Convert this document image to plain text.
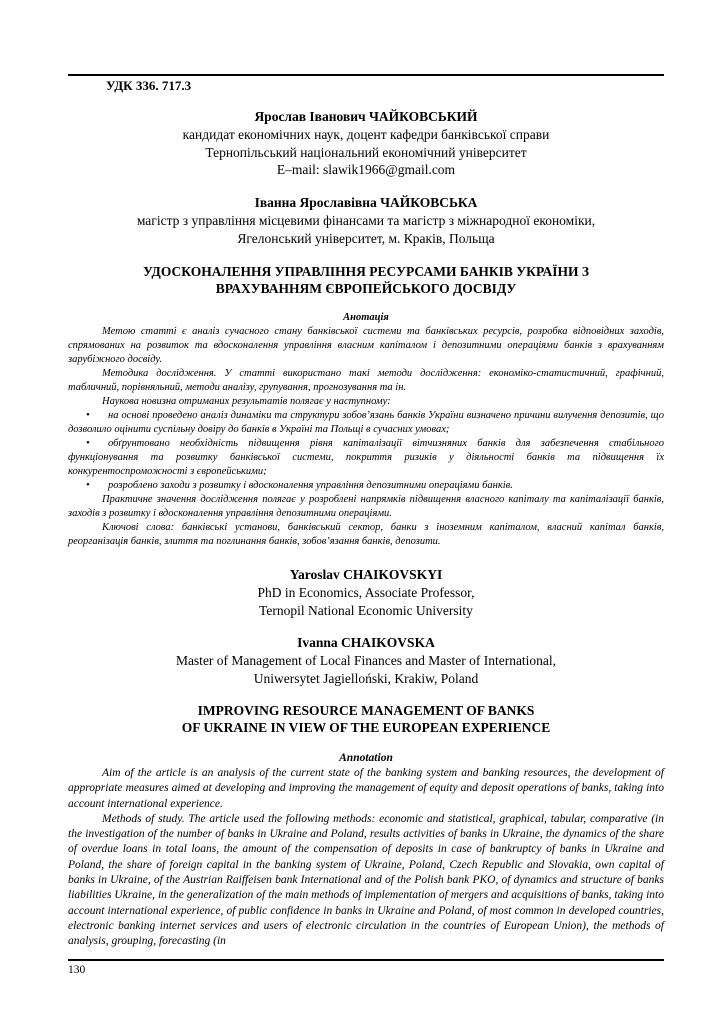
УДК 336. 717.3
Ярослав Іванович ЧАЙКОВСЬКИЙ
кандидат економічних наук, доцент кафедри банківської справи
Тернопільський національний економічний університет
E–mail: slawik1966@gmail.com
Іванна Ярославівна ЧАЙКОВСЬКА
магістр з управління місцевими фінансами та магістр з міжнародної економіки,
Ягелонський університет, м. Краків, Польща
УДОСКОНАЛЕННЯ УПРАВЛІННЯ РЕСУРСАМИ БАНКІВ УКРАЇНИ З
ВРАХУВАННЯМ ЄВРОПЕЙСЬКОГО ДОСВІДУ
Анотація

Метою статті є аналіз сучасного стану банківської системи та банківських ресурсів, розробка відповідних заходів, спрямованих на розвиток та вдосконалення управління власним капіталом і депозитними операціями банків з врахуванням зарубіжного досвіду.

Методика дослідження. У статті використано такі методи дослідження: економіко-статистичний, графічний, табличний, порівняльний, методи аналізу, групування, прогнозування та ін.

Наукова новизна отриманих результатів полягає у наступному:

• на основі проведено аналіз динаміки та структури зобов’язань банків України визначено причини вилучення депозитів, що дозволило оцінити суспільну довіру до банків в Україні та Польщі в сучасних умовах;

• обґрунтовано необхідність підвищення рівня капіталізації вітчизняних банків для забезпечення стабільного функціонування та розвитку банківської системи, покриття ризиків у діяльності банків та підвищення їх конкурентоспроможності з європейськими;

• розроблено заходи з розвитку і вдосконалення управління депозитними операціями банків.

Практичне значення дослідження полягає у розроблені напрямків підвищення власного капіталу та капіталізації банків, заходів з розвитку і вдосконалення управління депозитними операціями.

Ключові слова: банківські установи, банківський сектор, банки з іноземним капіталом, власний капітал банків, реорганізація банків, злиття та поглинання банків, зобов’язання банків, депозити.

Yaroslav CHAIKOVSKYI
PhD in Economics, Associate Professor,
Ternopil National Economic University
Ivanna CHAIKOVSKA
Master of Management of Local Finances and Master of International,
Uniwersytet Jagielloński, Krakiw, Poland
IMPROVING RESOURCE MANAGEMENT OF BANKS
OF UKRAINE IN VIEW OF THE EUROPEAN EXPERIENCE
Annotation

Aim of the article is an analysis of the current state of the banking system and banking resources, the development of appropriate measures aimed at developing and improving the management of equity and deposit operations of banks, taking into account international experience.

Methods of study. The article used the following methods: economic and statistical, graphical, tabular, comparative (in the investigation of the number of banks in Ukraine and Poland, results activities of banks in Ukraine, the dynamics of the share of overdue loans in total loans, the amount of the compensation of deposits in case of bankruptcy of banks in Ukraine and Poland, the share of foreign capital in the banking system of Ukraine, Poland, Czech Republic and Slovakia, own capital of banks in Ukraine, of the Austrian Raiffeisen bank International and of the Polish bank PKO, of dynamics and structure of banks liabilities Ukraine, in the generalization of the main methods of implementation of mergers and acquisitions of banks, taking into account international experience, of public confidence in banks in Ukraine and Poland, of most common in developed countries, electronic banking internet services and users of electronic circulation in the countries of European Union), the methods of analysis, grouping, forecasting (in

130
